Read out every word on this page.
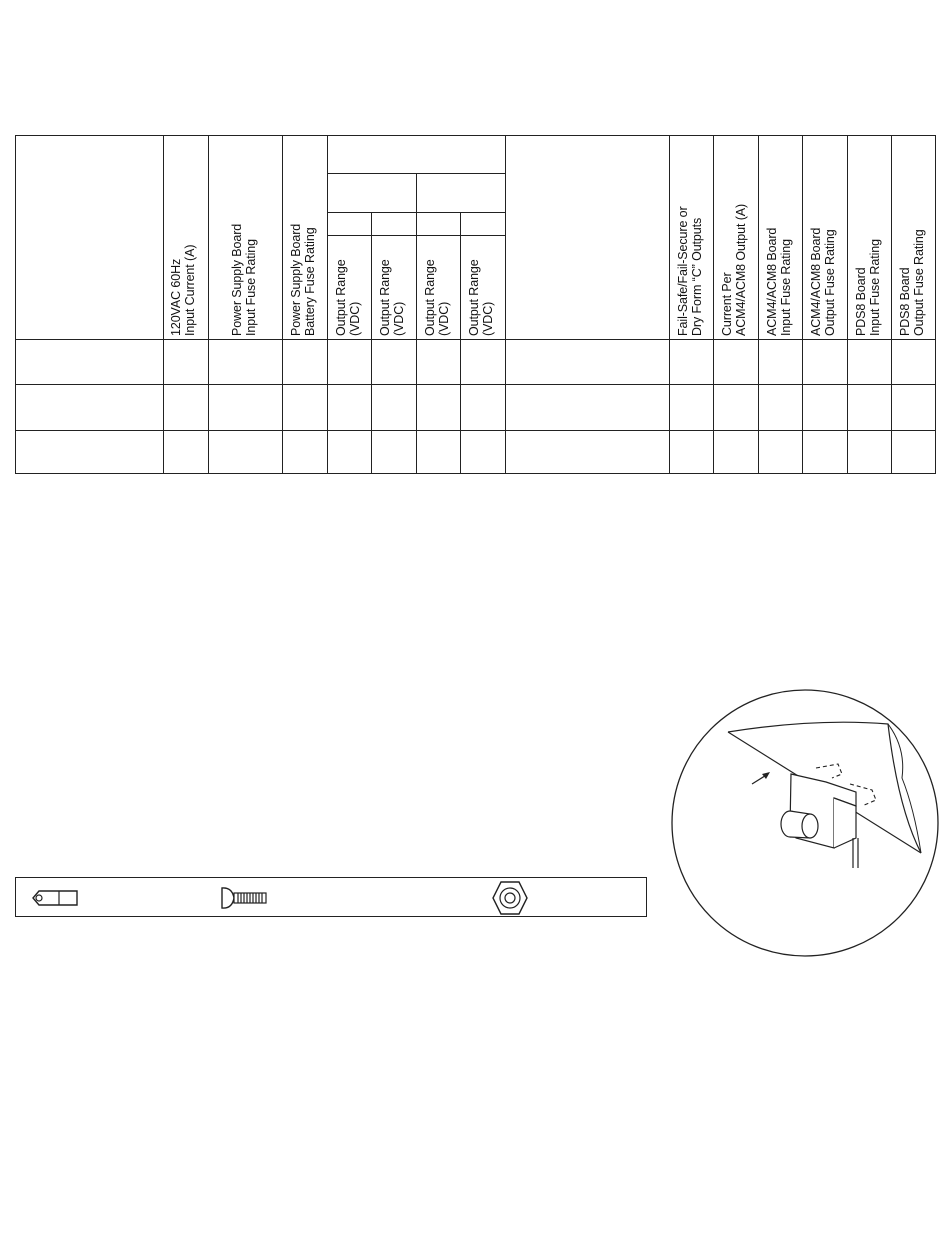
120VAC 60Hz Input Current (A)	Power Supply Board Input Fuse Rating Power Supply Board Battery Fuse Rating Output Range (VDC) Output Range (VDC) Output Range (VDC) Output Range (VDC)	Fail-Safe/Fail-Secure or Dry Form “C” Outputs Current Per ACM4/ACM8 Output (A) ACM4/ACM8 Board Input Fuse Rating ACM4/ACM8 Board Output Fuse Rating PDS8 Board Input Fuse Rating PDS8 Board Output Fuse Rating
